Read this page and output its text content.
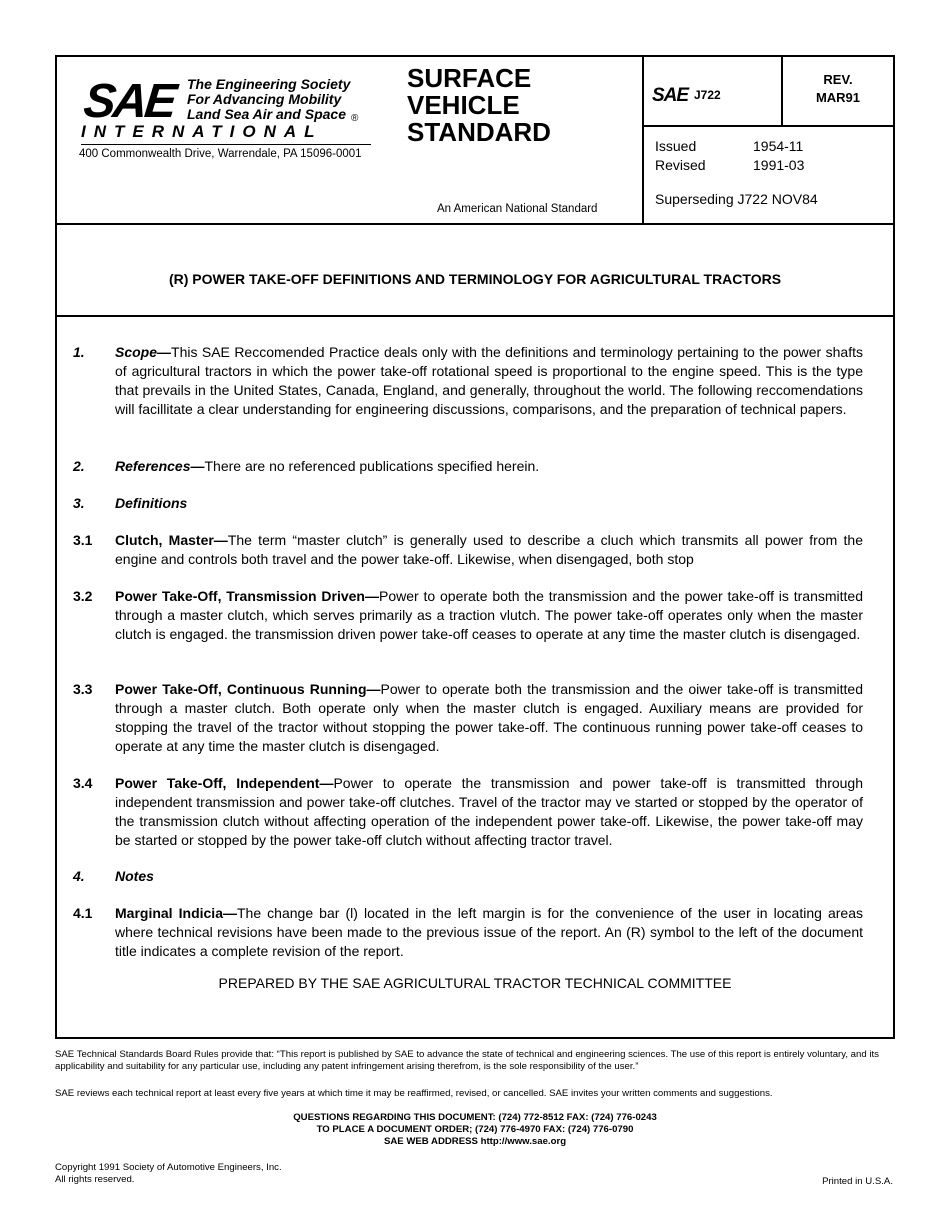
SAE The Engineering Society
For Advancing Mobility
Land Sea Air and Space
INTERNATIONAL
®
400 Commonwealth Drive, Warrendale, PA 15096-0001
SURFACE
VEHICLE
STANDARD
An American National Standard
SAE J722
REV.
MAR91
Issued	1954-11
Revised	1991-03
Superseding J722 NOV84
(R) POWER TAKE-OFF DEFINITIONS AND TERMINOLOGY FOR AGRICULTURAL TRACTORS
1.	Scope—This SAE Reccomended Practice deals only with the definitions and terminology pertaining to the power shafts of agricultural tractors in which the power take-off rotational speed is proportional to the engine speed. This is the type that prevails in the United States, Canada, England, and generally, throughout the world. The following reccomendations will facillitate a clear understanding for engineering discussions, comparisons, and the preparation of technical papers.
2.	References—There are no referenced publications specified herein.
3.	Definitions
3.1	Clutch, Master—The term “master clutch” is generally used to describe a cluch which transmits all power from the engine and controls both travel and the power take-off. Likewise, when disengaged, both stop
3.2	Power Take-Off, Transmission Driven—Power to operate both the transmission and the power take-off is transmitted through a master clutch, which serves primarily as a traction vlutch. The power take-off operates only when the master clutch is engaged. the transmission driven power take-off ceases to operate at any time the master clutch is disengaged.
3.3	Power Take-Off, Continuous Running—Power to operate both the transmission and the oiwer take-off is transmitted through a master clutch. Both operate only when the master clutch is engaged. Auxiliary means are provided for stopping the travel of the tractor without stopping the power take-off. The continuous running power take-off ceases to operate at any time the master clutch is disengaged.
3.4	Power Take-Off, Independent—Power to operate the transmission and power take-off is transmitted through independent transmission and power take-off clutches. Travel of the tractor may ve started or stopped by the operator of the transmission clutch without affecting operation of the independent power take-off. Likewise, the power take-off may be started or stopped by the power take-off clutch without affecting tractor travel.
4.	Notes
4.1	Marginal Indicia—The change bar (l) located in the left margin is for the convenience of the user in locating areas where technical revisions have been made to the previous issue of the report. An (R) symbol to the left of the document title indicates a complete revision of the report.
PREPARED BY THE SAE AGRICULTURAL TRACTOR TECHNICAL COMMITTEE
SAE Technical Standards Board Rules provide that: “This report is published by SAE to advance the state of technical and engineering sciences. The use of this report is entirely voluntary, and its applicability and suitability for any particular use, including any patent infringement arising therefrom, is the sole responsibility of the user.”
SAE reviews each technical report at least every five years at which time it may be reaffirmed, revised, or cancelled. SAE invites your written comments and suggestions.
QUESTIONS REGARDING THIS DOCUMENT: (724) 772-8512 FAX: (724) 776-0243
TO PLACE A DOCUMENT ORDER; (724) 776-4970 FAX: (724) 776-0790
SAE WEB ADDRESS http://www.sae.org
Copyright 1991 Society of Automotive Engineers, Inc.
All rights reserved.	Printed in U.S.A.
